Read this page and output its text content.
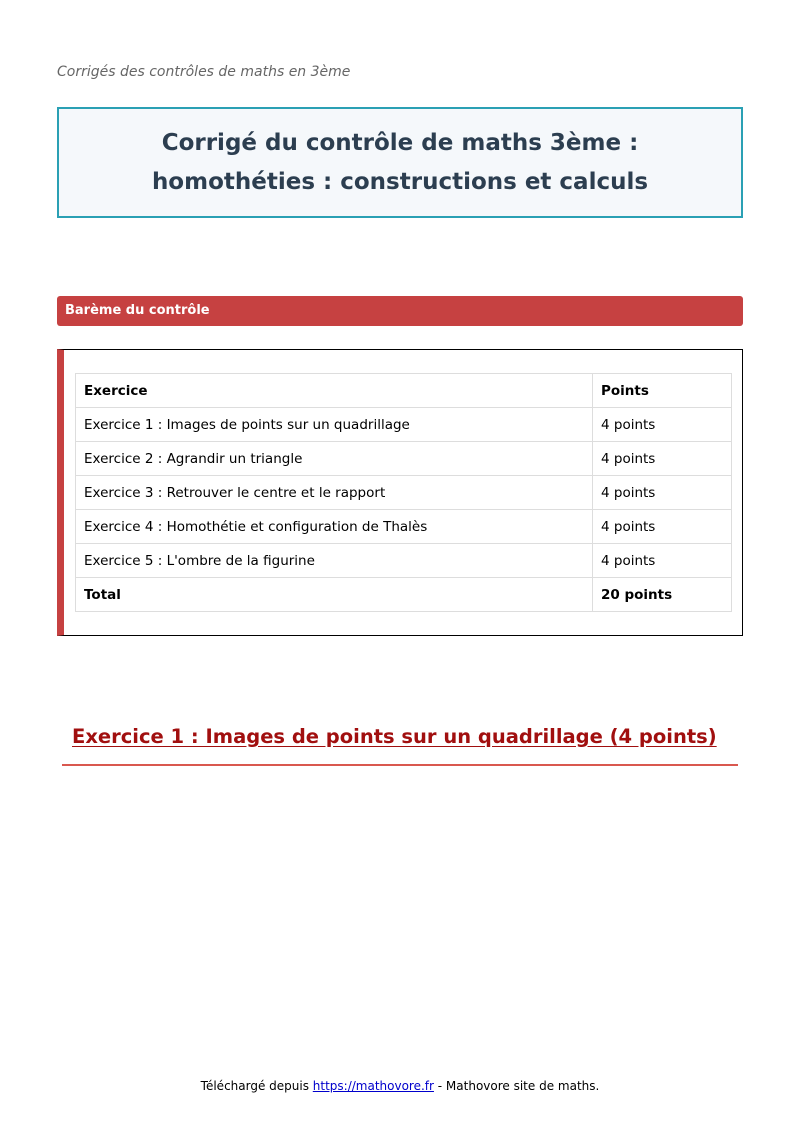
Corrigés des contrôles de maths en 3ème
Corrigé du contrôle de maths 3ème : homothéties : constructions et calculs
Barème du contrôle
Exercice	Points
Exercice 1 : Images de points sur un quadrillage	4 points
Exercice 2 : Agrandir un triangle	4 points
Exercice 3 : Retrouver le centre et le rapport	4 points
Exercice 4 : Homothétie et configuration de Thalès	4 points
Exercice 5 : L'ombre de la figurine	4 points
Total	20 points
Exercice 1 : Images de points sur un quadrillage (4 points)
Téléchargé depuis https://mathovore.fr - Mathovore site de maths.
